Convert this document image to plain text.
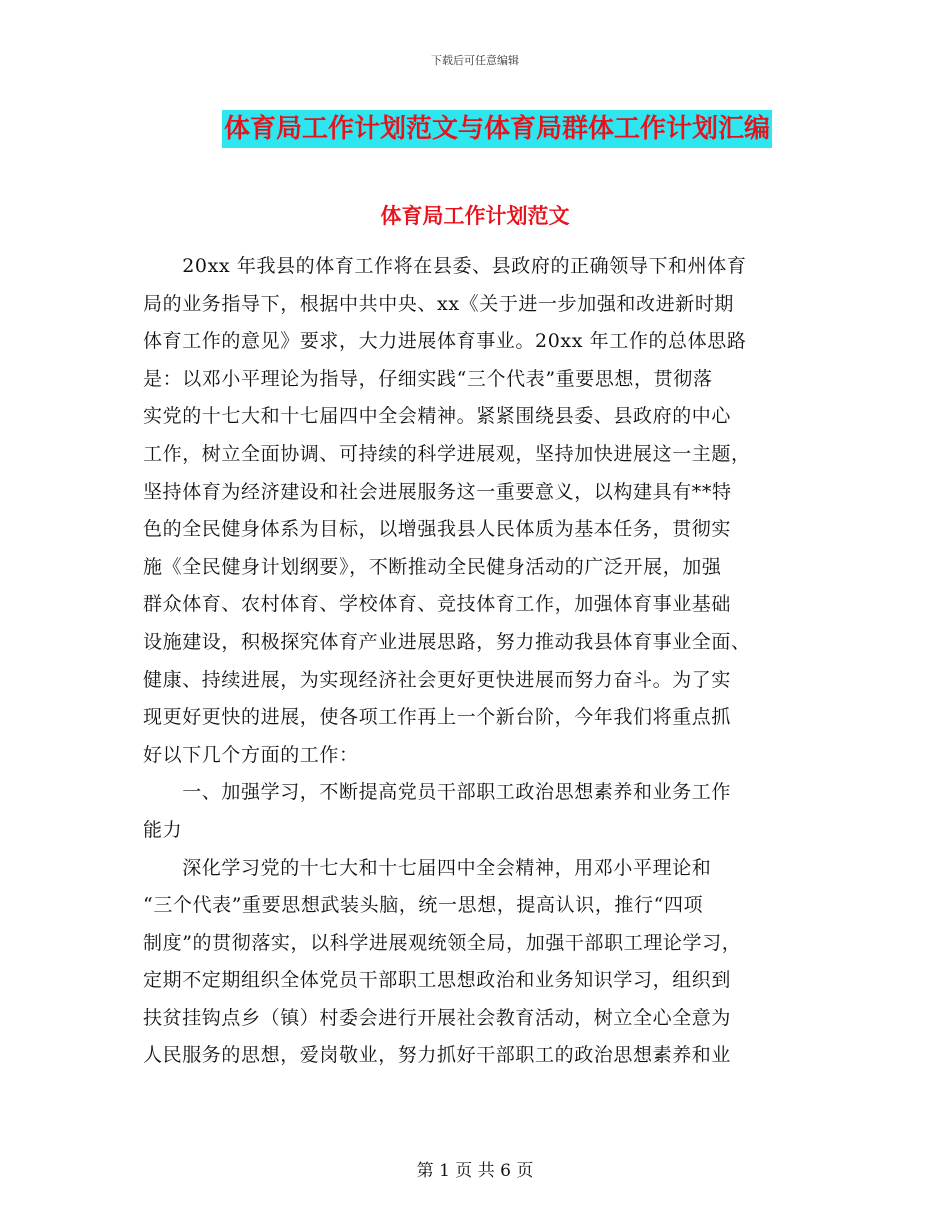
下载后可任意编辑
体育局工作计划范文与体育局群体工作计划汇编
体育局工作计划范文
　　20xx 年我县的体育工作将在县委、县政府的正确领导下和州体育
局的业务指导下，根据中共中央、xx《关于进一步加强和改进新时期
体育工作的意见》要求，大力进展体育事业。20xx 年工作的总体思路
是：以邓小平理论为指导，仔细实践“三个代表”重要思想，贯彻落
实党的十七大和十七届四中全会精神。紧紧围绕县委、县政府的中心
工作，树立全面协调、可持续的科学进展观，坚持加快进展这一主题，
坚持体育为经济建设和社会进展服务这一重要意义，以构建具有**特
色的全民健身体系为目标，以增强我县人民体质为基本任务，贯彻实
施《全民健身计划纲要》，不断推动全民健身活动的广泛开展，加强
群众体育、农村体育、学校体育、竞技体育工作，加强体育事业基础
设施建设，积极探究体育产业进展思路，努力推动我县体育事业全面、
健康、持续进展，为实现经济社会更好更快进展而努力奋斗。为了实
现更好更快的进展，使各项工作再上一个新台阶，今年我们将重点抓
好以下几个方面的工作：
　　一、加强学习，不断提高党员干部职工政治思想素养和业务工作
能力
　　深化学习党的十七大和十七届四中全会精神，用邓小平理论和
“三个代表”重要思想武装头脑，统一思想，提高认识，推行“四项
制度”的贯彻落实，以科学进展观统领全局，加强干部职工理论学习，
定期不定期组织全体党员干部职工思想政治和业务知识学习，组织到
扶贫挂钩点乡（镇）村委会进行开展社会教育活动，树立全心全意为
人民服务的思想，爱岗敬业，努力抓好干部职工的政治思想素养和业
第 1 页 共 6 页
